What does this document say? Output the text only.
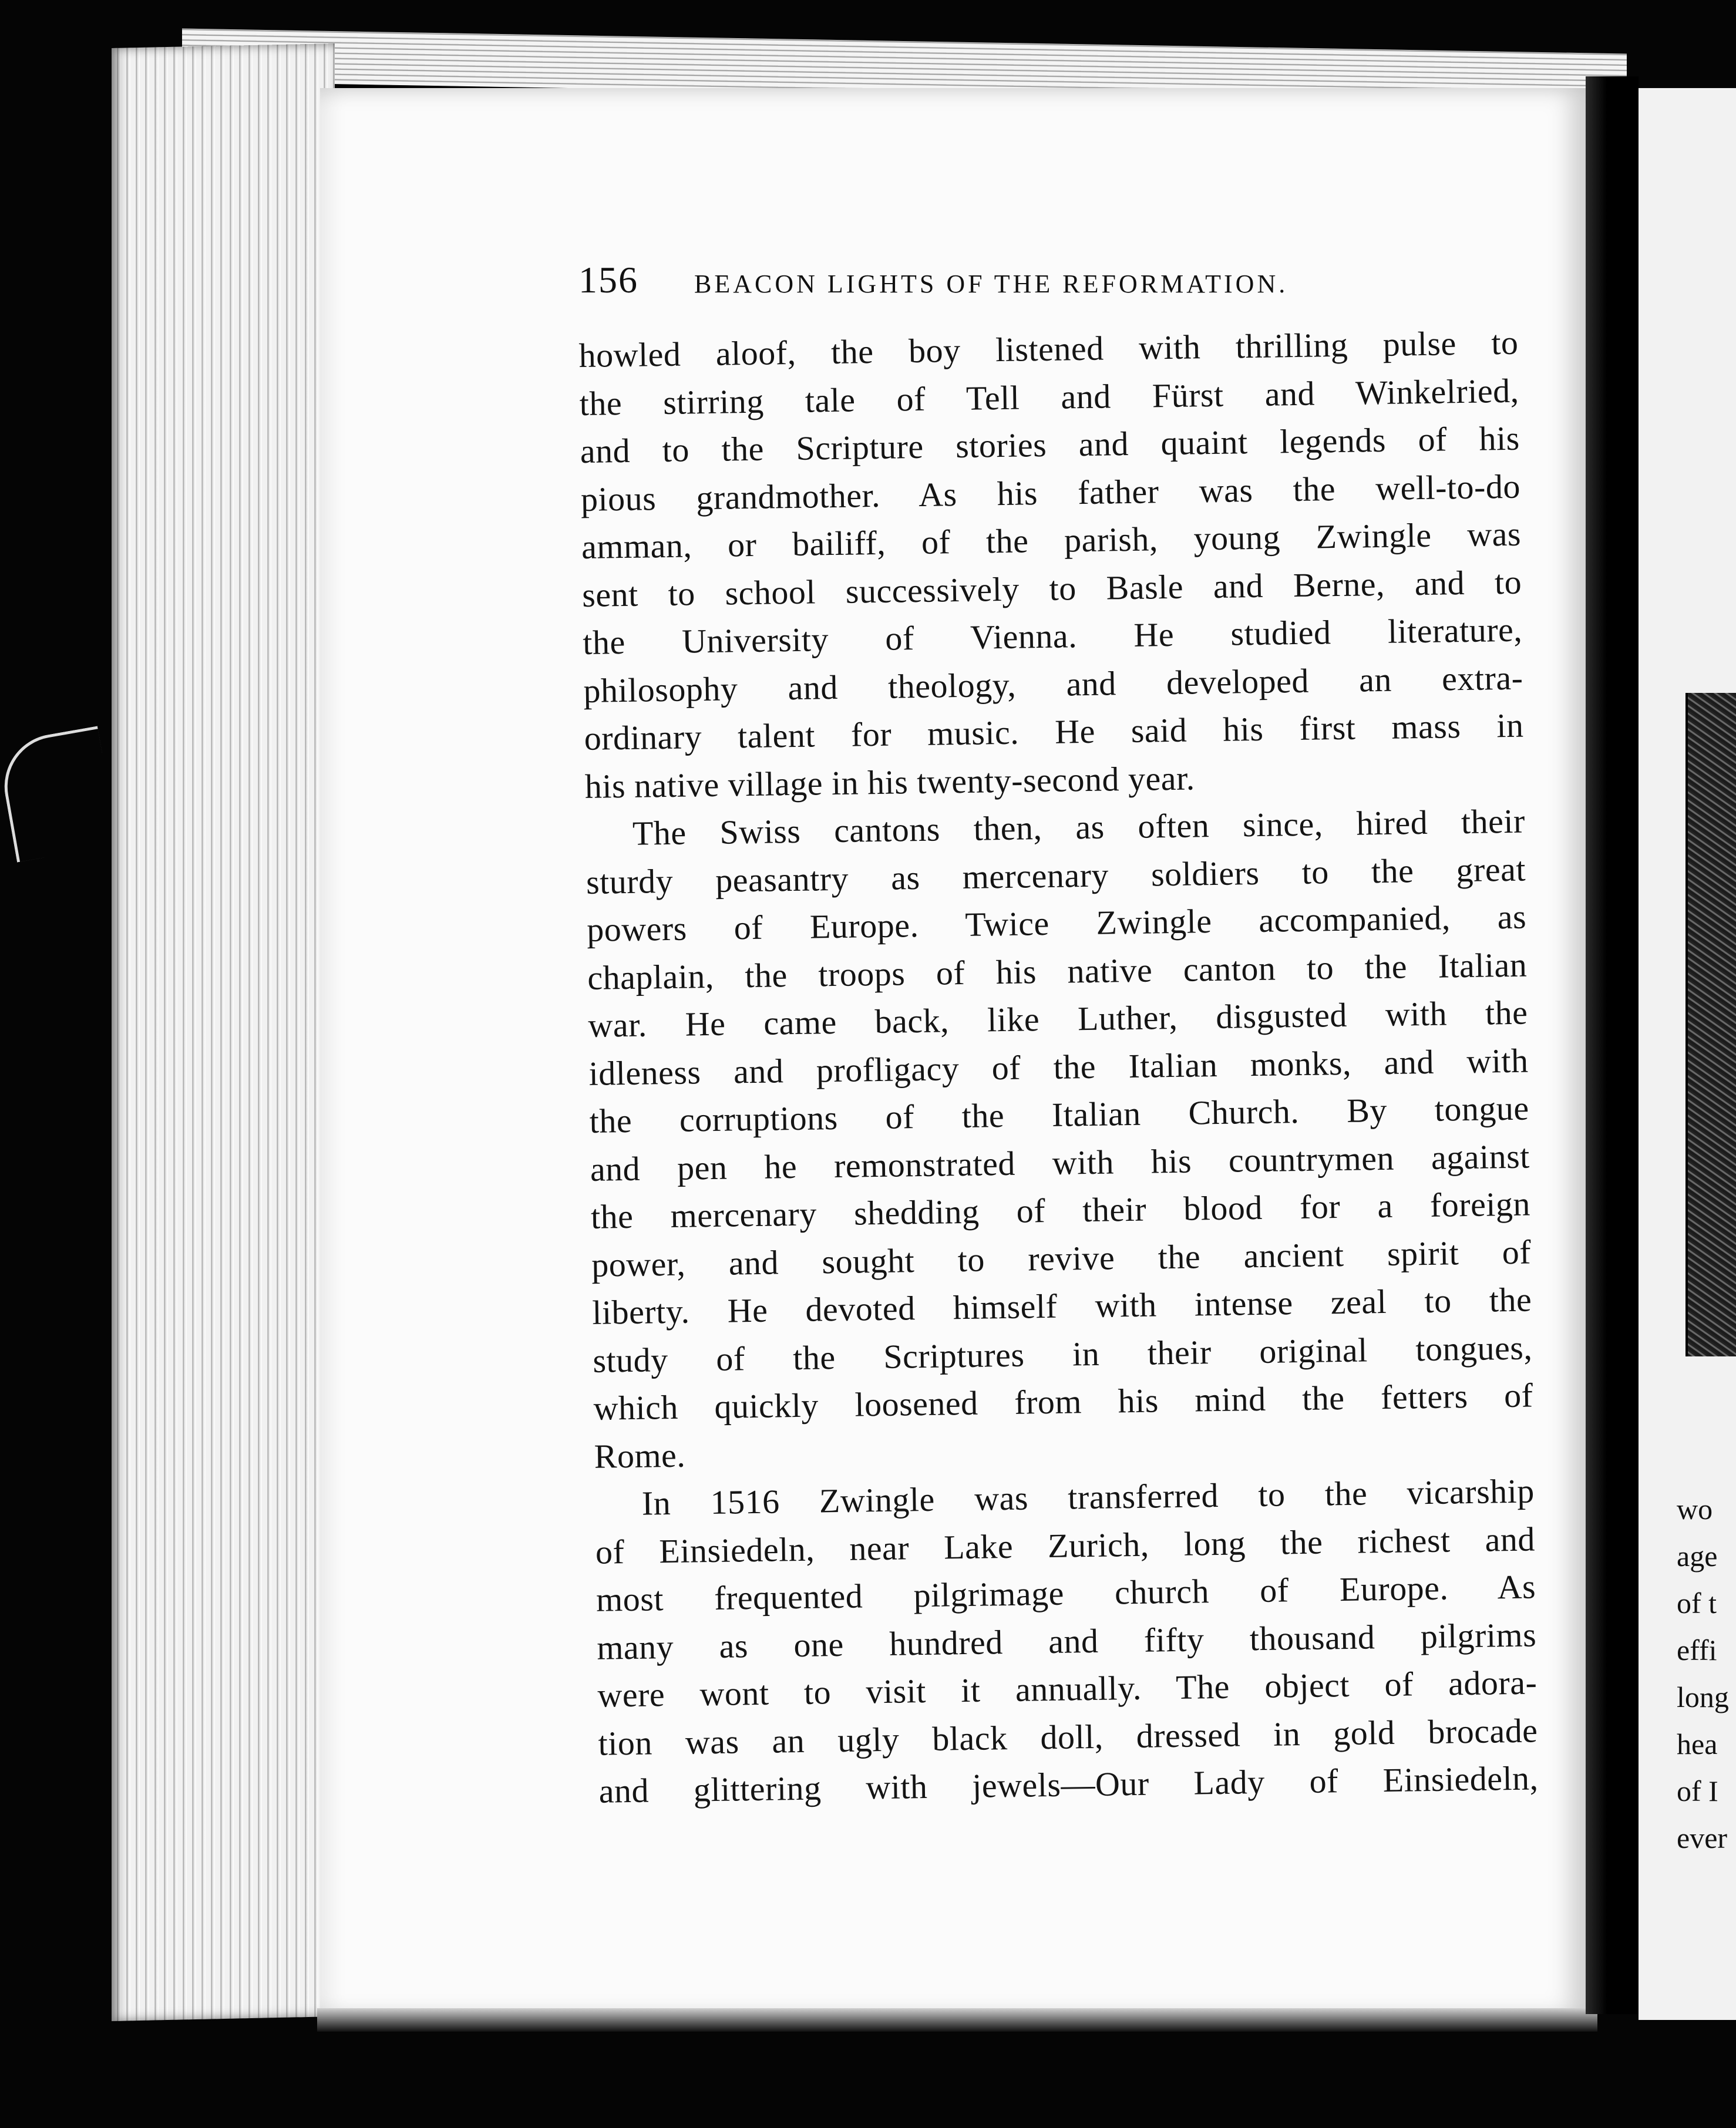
156 BEACON LIGHTS OF THE REFORMATION.
howled aloof, the boy listened with thrilling pulse to
the stirring tale of Tell and Fürst and Winkelried,
and to the Scripture stories and quaint legends of his
pious grandmother. As his father was the well-to-do
amman, or bailiff, of the parish, young Zwingle was
sent to school successively to Basle and Berne, and to
the University of Vienna. He studied literature,
philosophy and theology, and developed an extra-
ordinary talent for music. He said his first mass in
his native village in his twenty-second year.
The Swiss cantons then, as often since, hired their
sturdy peasantry as mercenary soldiers to the great
powers of Europe. Twice Zwingle accompanied, as
chaplain, the troops of his native canton to the Italian
war. He came back, like Luther, disgusted with the
idleness and profligacy of the Italian monks, and with
the corruptions of the Italian Church. By tongue
and pen he remonstrated with his countrymen against
the mercenary shedding of their blood for a foreign
power, and sought to revive the ancient spirit of
liberty. He devoted himself with intense zeal to the
study of the Scriptures in their original tongues,
which quickly loosened from his mind the fetters of
Rome.
In 1516 Zwingle was transferred to the vicarship
of Einsiedeln, near Lake Zurich, long the richest and
most frequented pilgrimage church of Europe. As
many as one hundred and fifty thousand pilgrims
were wont to visit it annually. The object of adora-
tion was an ugly black doll, dressed in gold brocade
and glittering with jewels—Our Lady of Einsiedeln,
wo
age
of t
effi
long
hea
of I
ever
